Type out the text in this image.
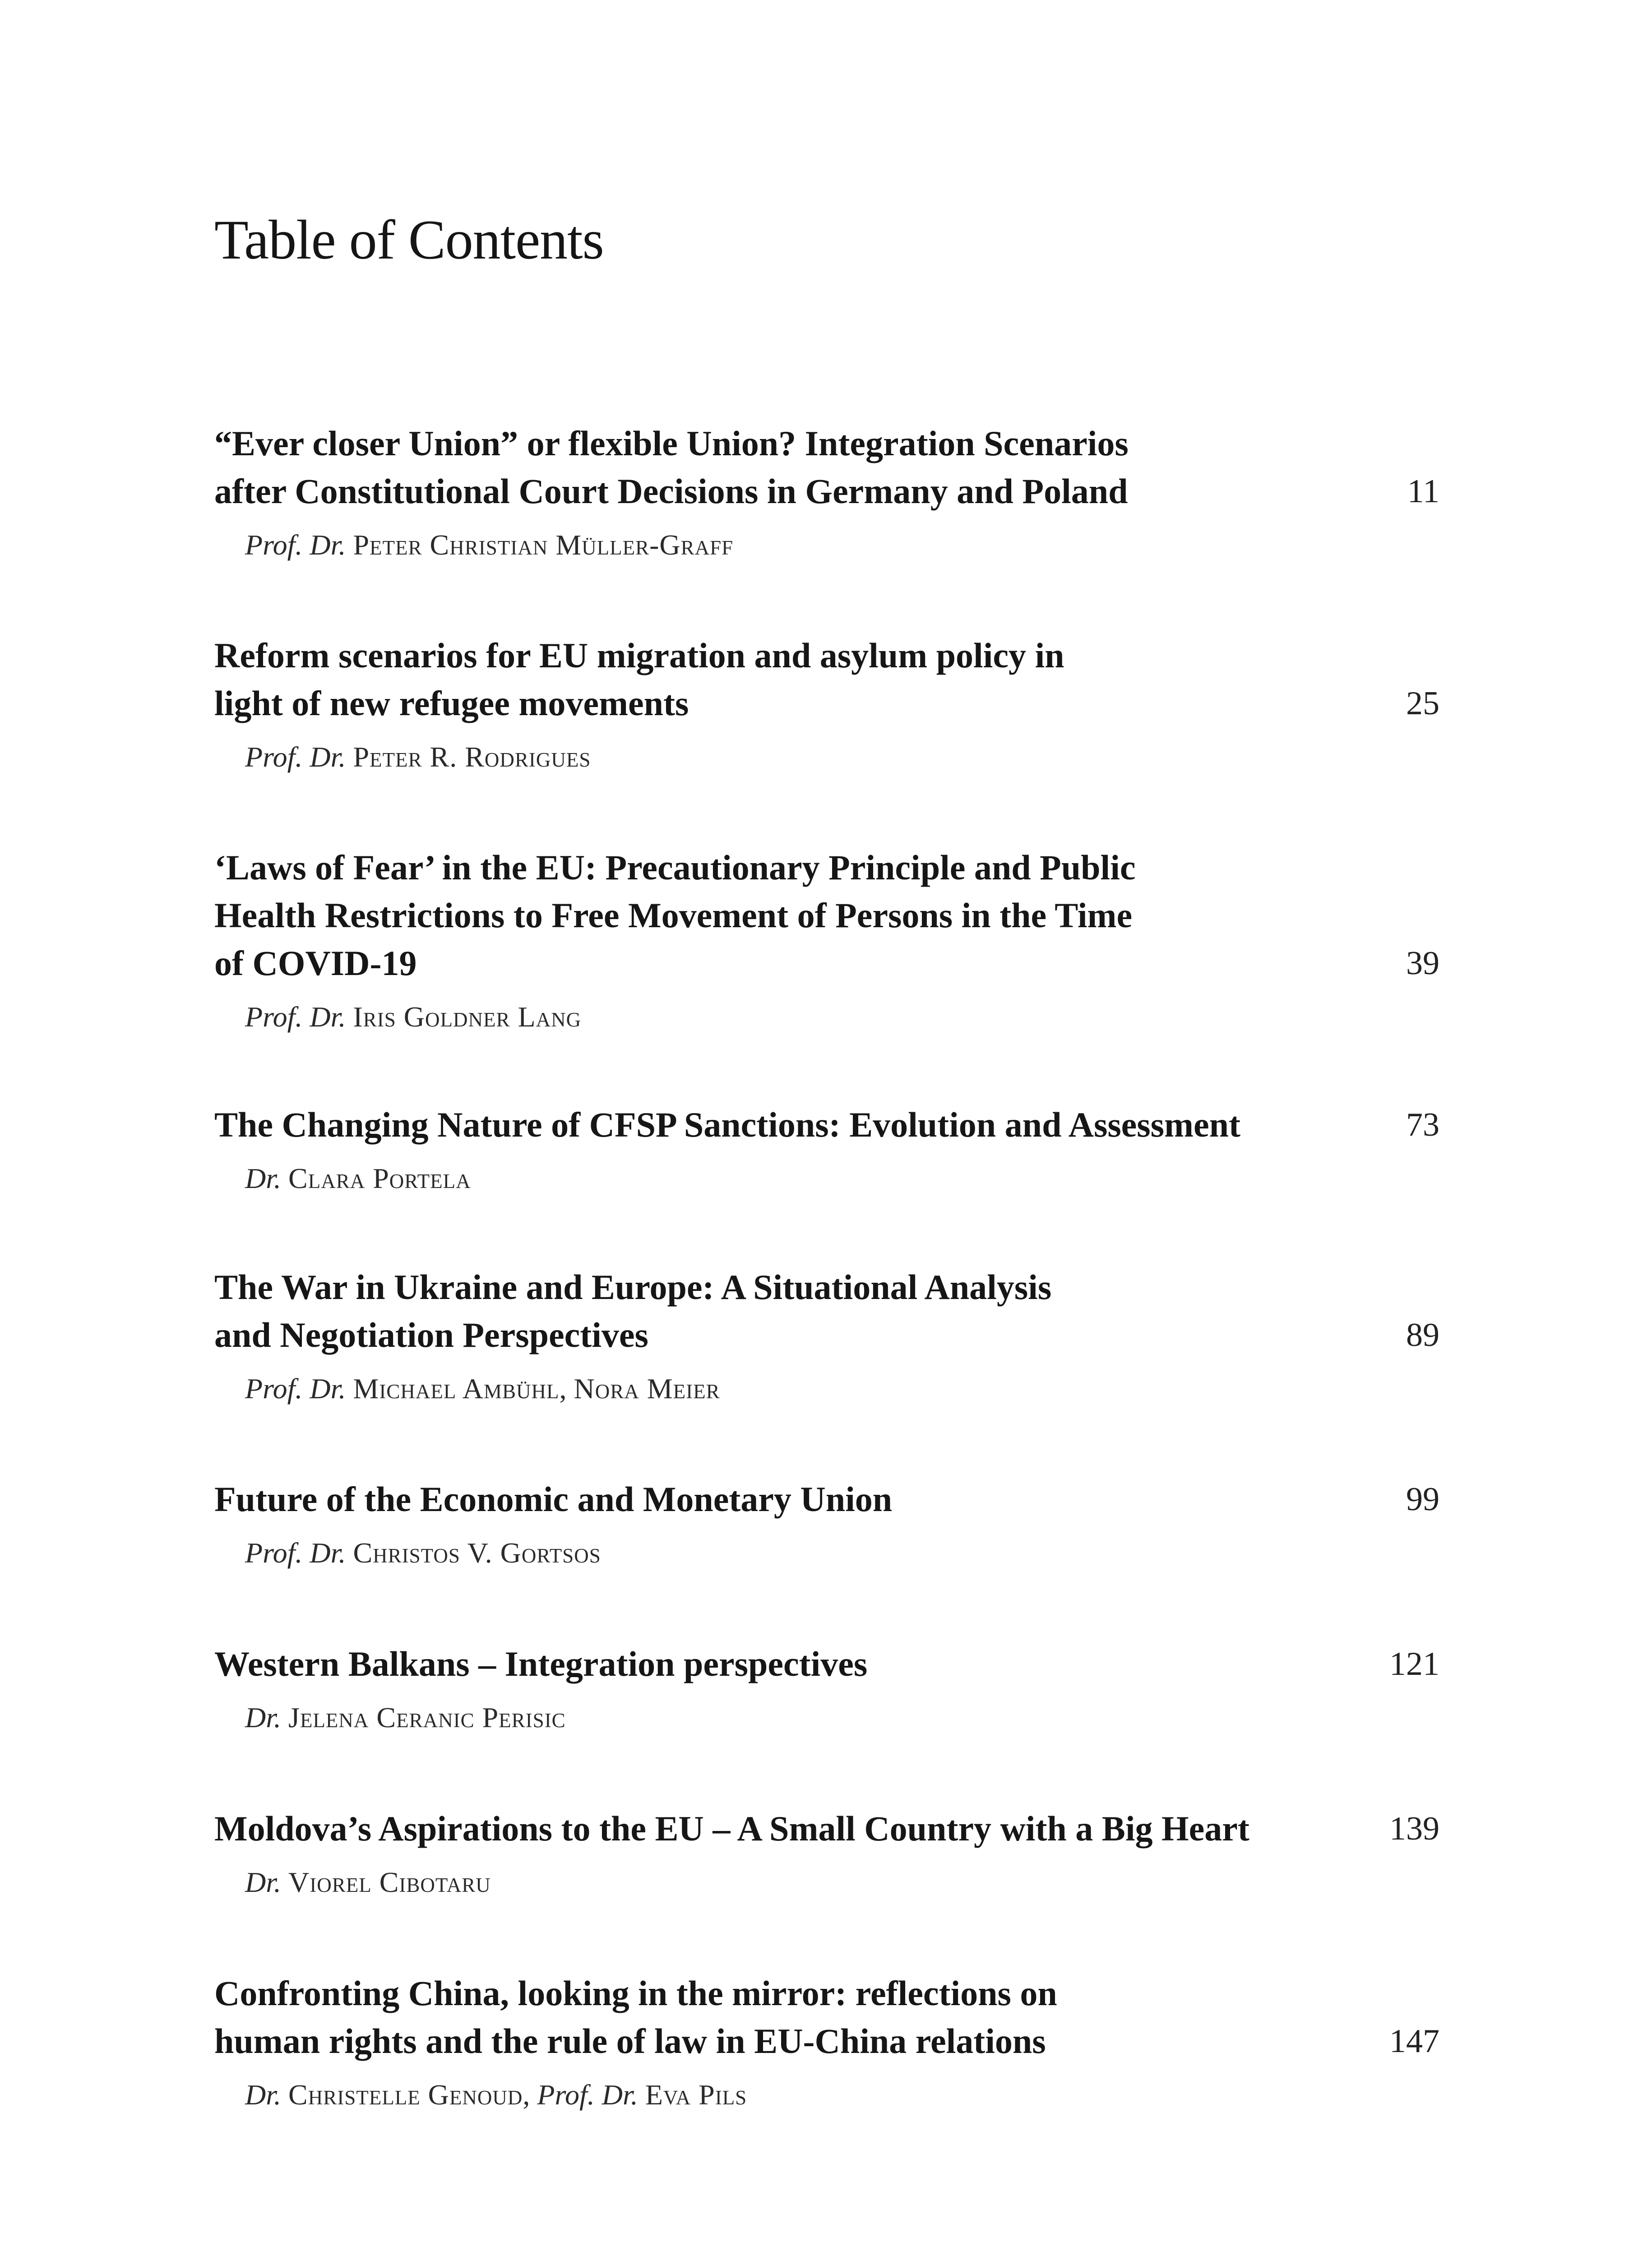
Table of Contents
“Ever closer Union” or flexible Union? Integration Scenarios
after Constitutional Court Decisions in Germany and Poland	11
Prof. Dr. Peter Christian Müller-Graff
Reform scenarios for EU migration and asylum policy in
light of new refugee movements	25
Prof. Dr. Peter R. Rodrigues
‘Laws of Fear’ in the EU: Precautionary Principle and Public
Health Restrictions to Free Movement of Persons in the Time
of COVID-19	39
Prof. Dr. Iris Goldner Lang
The Changing Nature of CFSP Sanctions: Evolution and Assessment	73
Dr. Clara Portela
The War in Ukraine and Europe: A Situational Analysis
and Negotiation Perspectives	89
Prof. Dr. Michael Ambühl, Nora Meier
Future of the Economic and Monetary Union	99
Prof. Dr. Christos V. Gortsos
Western Balkans – Integration perspectives	121
Dr. Jelena Ceranic Perisic
Moldova’s Aspirations to the EU – A Small Country with a Big Heart	139
Dr. Viorel Cibotaru
Confronting China, looking in the mirror: reflections on
human rights and the rule of law in EU-China relations	147
Dr. Christelle Genoud, Prof. Dr. Eva Pils
